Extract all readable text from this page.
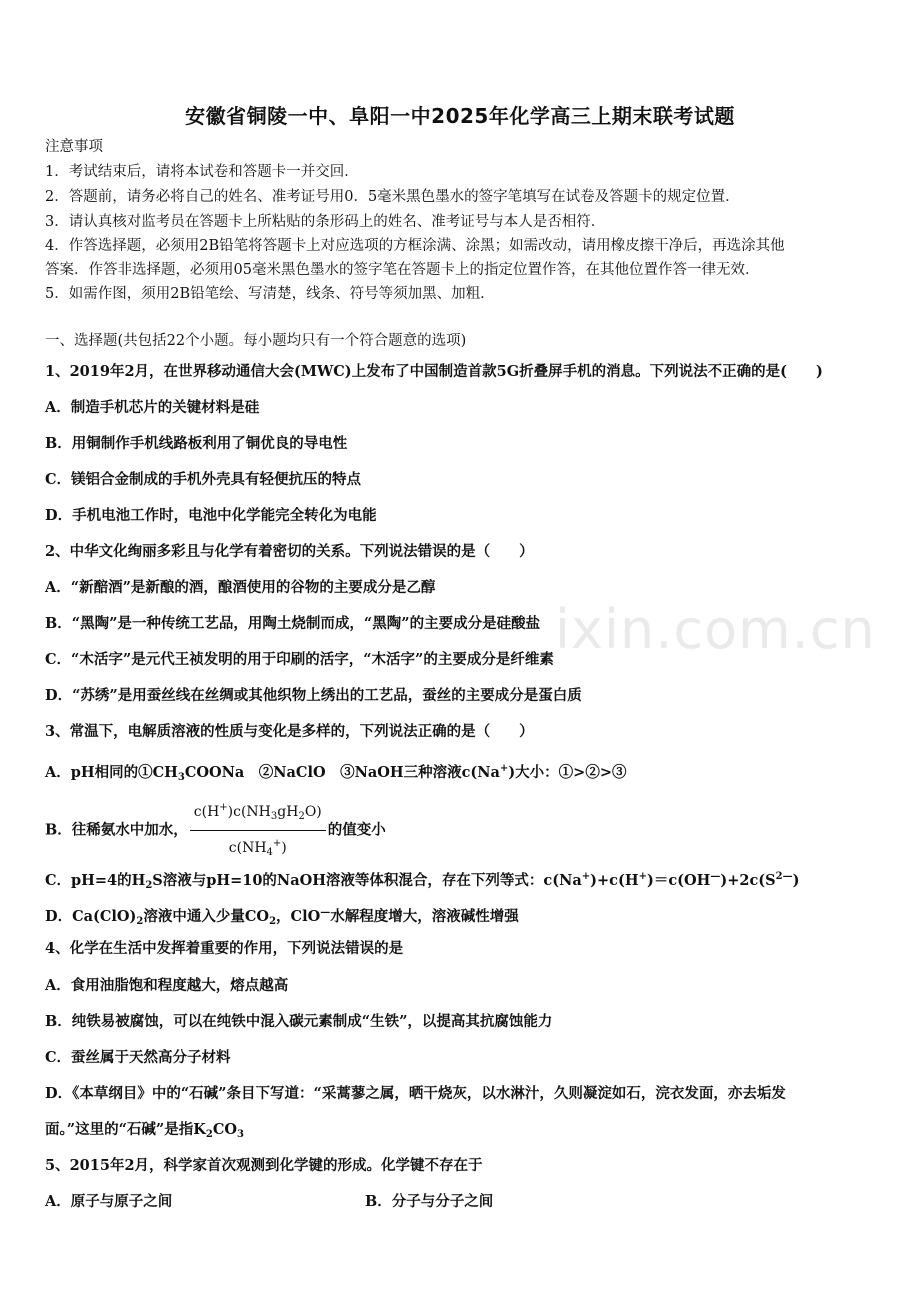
ixin.com.cn
安徽省铜陵一中、阜阳一中2025年化学高三上期末联考试题
注意事项
1．考试结束后，请将本试卷和答题卡一并交回．
2．答题前，请务必将自己的姓名、准考证号用0．5毫米黑色墨水的签字笔填写在试卷及答题卡的规定位置．
3．请认真核对监考员在答题卡上所粘贴的条形码上的姓名、准考证号与本人是否相符．
4．作答选择题，必须用2B铅笔将答题卡上对应选项的方框涂满、涂黑；如需改动，请用橡皮擦干净后，再选涂其他
答案．作答非选择题，必须用05毫米黑色墨水的签字笔在答题卡上的指定位置作答，在其他位置作答一律无效．
5．如需作图，须用2B铅笔绘、写清楚，线条、符号等须加黑、加粗．
一、选择题(共包括22个小题。每小题均只有一个符合题意的选项)
1、2019年2月，在世界移动通信大会(MWC)上发布了中国制造首款5G折叠屏手机的消息。下列说法不正确的是(　　)
A．制造手机芯片的关键材料是硅
B．用铜制作手机线路板利用了铜优良的导电性
C．镁铝合金制成的手机外壳具有轻便抗压的特点
D．手机电池工作时，电池中化学能完全转化为电能
2、中华文化绚丽多彩且与化学有着密切的关系。下列说法错误的是（　　）
A．“新醅酒”是新酿的酒，酿酒使用的谷物的主要成分是乙醇
B．“黑陶”是一种传统工艺品，用陶土烧制而成，“黑陶”的主要成分是硅酸盐
C．“木活字”是元代王祯发明的用于印刷的活字，“木活字”的主要成分是纤维素
D．“苏绣”是用蚕丝线在丝绸或其他织物上绣出的工艺品，蚕丝的主要成分是蛋白质
3、常温下，电解质溶液的性质与变化是多样的，下列说法正确的是（　　）
A．pH相同的$①CH_3COONa$　②NaClO　③NaOH三种溶液c(Na+)大小：①>②>③
B．往稀氨水中加水， $\frac{c(H^+)c(NH_3gH_2O)}{c(NH_4^+)}$ 的值变小
C．pH=4的$H_2S$溶液与pH=10的NaOH溶液等体积混合，存在下列等式：$c(Na^+)+c(H^+)=c(OH^—)+2c(S^{2—})$
D．$Ca(ClO)_2$溶液中通入少量$CO_2$，ClO—水解程度增大，溶液碱性增强
4、化学在生活中发挥着重要的作用，下列说法错误的是
A．食用油脂饱和程度越大，熔点越高
B．纯铁易被腐蚀，可以在纯铁中混入碳元素制成“生铁”，以提高其抗腐蚀能力
C．蚕丝属于天然高分子材料
D．《本草纲目》中的“石碱”条目下写道：“采蒿蓼之属，晒干烧灰，以水淋汁，久则凝淀如石，浣衣发面，亦去垢发
面。”这里的“石碱”是指$K_2CO_3$
5、2015年2月，科学家首次观测到化学键的形成。化学键不存在于
A．原子与原子之间	B．分子与分子之间
